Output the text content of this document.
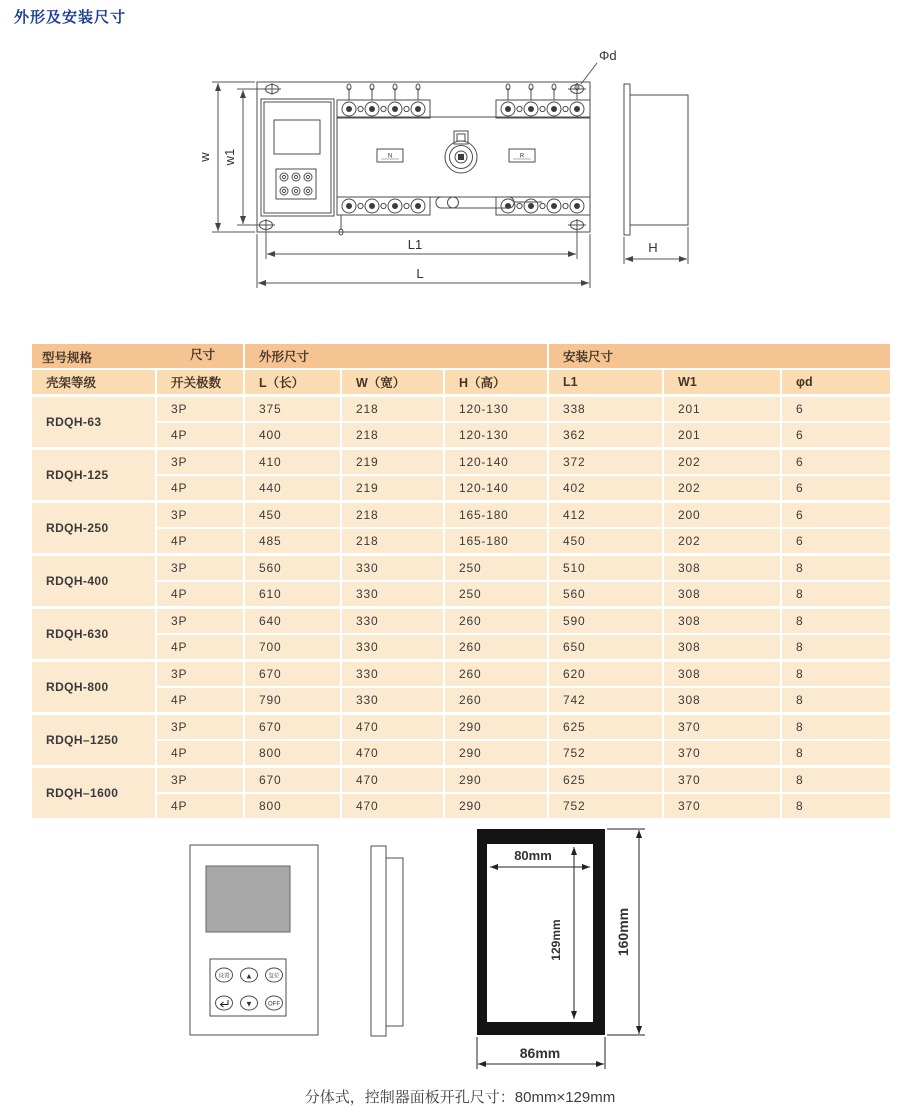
外形及安装尺寸
N	R
w w1
Φd
L1
L
H
尺寸
型号规格		外形尺寸			安装尺寸		
壳架等级	开关极数	L（长）	W（宽）	H（高）	L1	W1	φd
RDQH-63	3P	375	218	120-130	338	201	6
	4P	400	218	120-130	362	201	6
RDQH-125	3P	410	219	120-140	372	202	6
	4P	440	219	120-140	402	202	6
RDQH-250	3P	450	218	165-180	412	200	6
	4P	485	218	165-180	450	202	6
RDQH-400	3P	560	330	250	510	308	8
	4P	610	330	250	560	308	8
RDQH-630	3P	640	330	260	590	308	8
	4P	700	330	260	650	308	8
RDQH-800	3P	670	330	260	620	308	8
	4P	790	330	260	742	308	8
RDQH–1250	3P	670	470	290	625	370	8
	4P	800	470	290	752	370	8
RDQH–1600	3P	670	470	290	625	370	8
	4P	800	470	290	752	370	8
设置 ▲	复位
▼	OFF
80mm
129mm	160mm
86mm
分体式，控制器面板开孔尺寸：80mm×129mm
